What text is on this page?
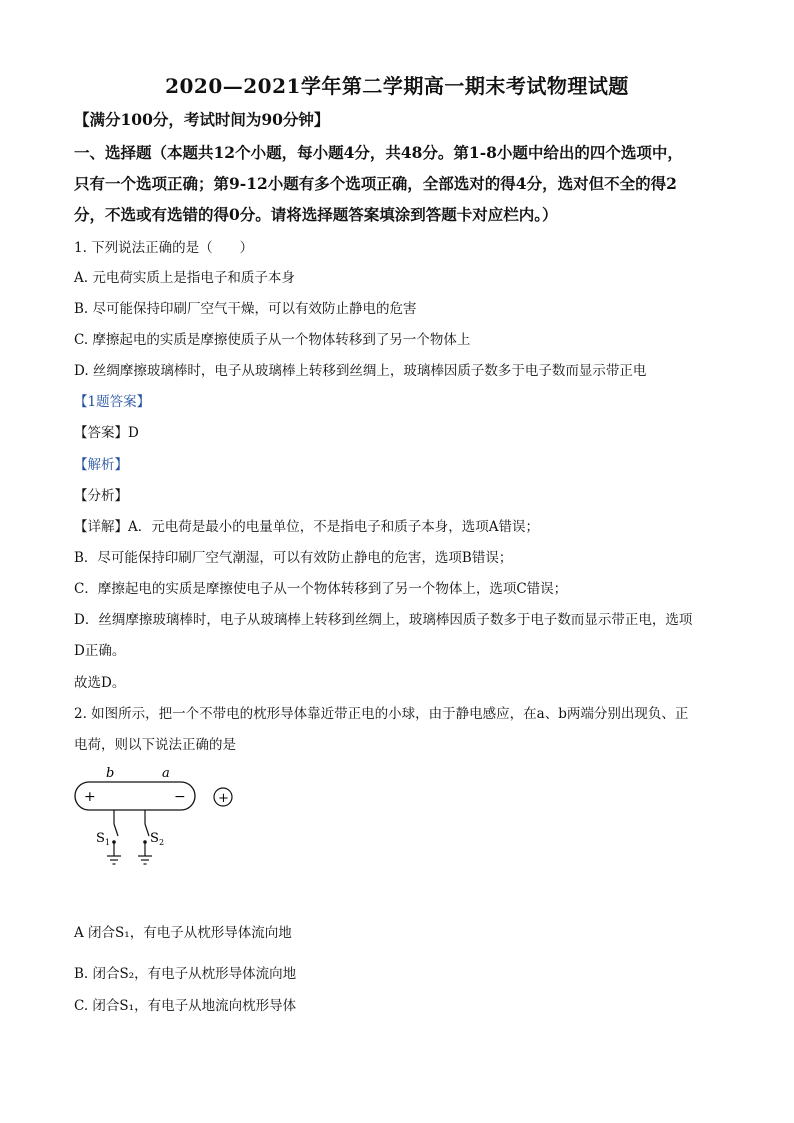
2020—2021学年第二学期高一期末考试物理试题
【满分100分，考试时间为90分钟】
一、选择题（本题共12个小题，每小题4分，共48分。第1-8小题中给出的四个选项中，
只有一个选项正确；第9-12小题有多个选项正确，全部选对的得4分，选对但不全的得2
分，不选或有选错的得0分。请将选择题答案填涂到答题卡对应栏内。）
1. 下列说法正确的是（　　）
A. 元电荷实质上是指电子和质子本身
B. 尽可能保持印刷厂空气干燥，可以有效防止静电的危害
C. 摩擦起电的实质是摩擦使质子从一个物体转移到了另一个物体上
D. 丝绸摩擦玻璃棒时，电子从玻璃棒上转移到丝绸上，玻璃棒因质子数多于电子数而显示带正电
【1题答案】
【答案】D
【解析】
【分析】
【详解】A．元电荷是最小的电量单位，不是指电子和质子本身，选项A错误；
B．尽可能保持印刷厂空气潮湿，可以有效防止静电的危害，选项B错误；
C．摩擦起电的实质是摩擦使电子从一个物体转移到了另一个物体上，选项C错误；
D．丝绸摩擦玻璃棒时，电子从玻璃棒上转移到丝绸上，玻璃棒因质子数多于电子数而显示带正电，选项
D正确。
故选D。
2. 如图所示，把一个不带电的枕形导体靠近带正电的小球，由于静电感应，在a、b两端分别出现负、正
电荷，则以下说法正确的是
b	a
+	− +
S 1	S 2
A 闭合S₁，有电子从枕形导体流向地
B. 闭合S₂，有电子从枕形导体流向地
C. 闭合S₁，有电子从地流向枕形导体
